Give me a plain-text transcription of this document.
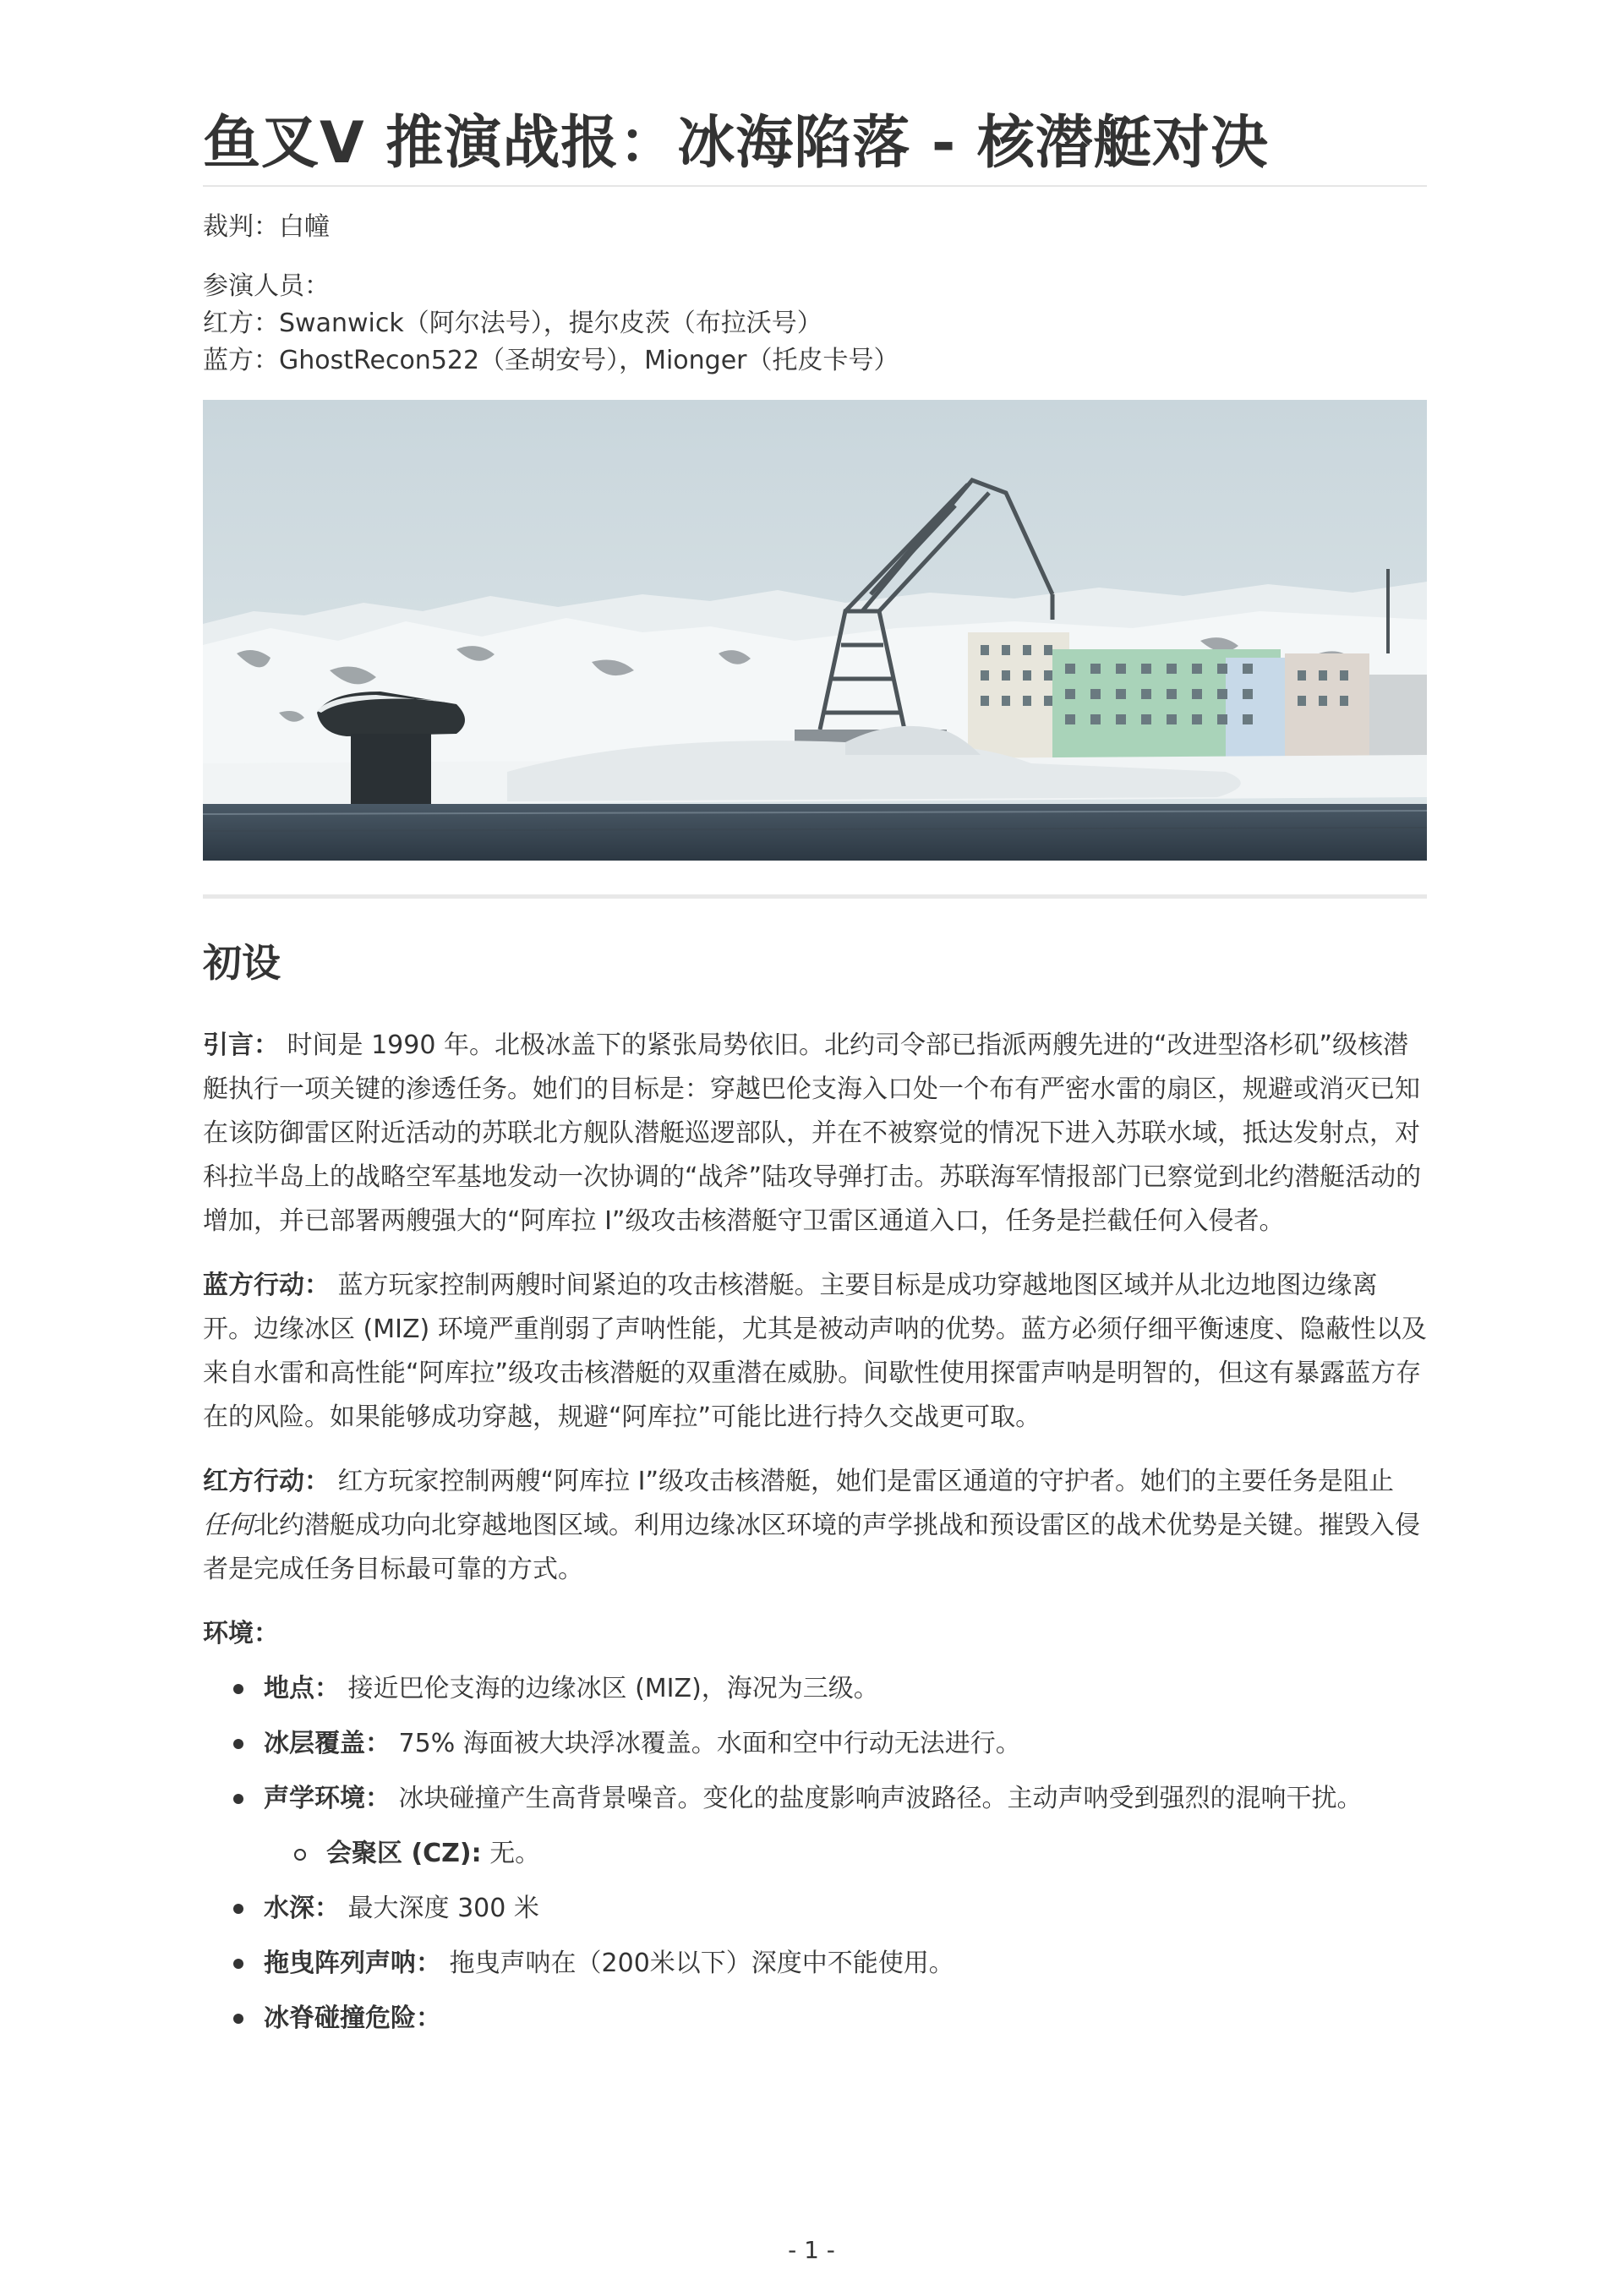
鱼叉V 推演战报：冰海陷落 - 核潜艇对决

裁判：白幢

参演人员：

红方：Swanwick（阿尔法号），提尔皮茨（布拉沃号）

蓝方：GhostRecon522（圣胡安号），Mionger（托皮卡号）

初设

引言： 时间是 1990 年。北极冰盖下的紧张局势依旧。北约司令部已指派两艘先进的“改进型洛杉矶”级核潜艇执行一项关键的渗透任务。她们的目标是：穿越巴伦支海入口处一个布有严密水雷的扇区，规避或消灭已知在该防御雷区附近活动的苏联北方舰队潜艇巡逻部队，并在不被察觉的情况下进入苏联水域，抵达发射点，对科拉半岛上的战略空军基地发动一次协调的“战斧”陆攻导弹打击。苏联海军情报部门已察觉到北约潜艇活动的增加，并已部署两艘强大的“阿库拉 I”级攻击核潜艇守卫雷区通道入口，任务是拦截任何入侵者。

蓝方行动： 蓝方玩家控制两艘时间紧迫的攻击核潜艇。主要目标是成功穿越地图区域并从北边地图边缘离开。边缘冰区 (MIZ) 环境严重削弱了声呐性能，尤其是被动声呐的优势。蓝方必须仔细平衡速度、隐蔽性以及来自水雷和高性能“阿库拉”级攻击核潜艇的双重潜在威胁。间歇性使用探雷声呐是明智的，但这有暴露蓝方存在的风险。如果能够成功穿越，规避“阿库拉”可能比进行持久交战更可取。

红方行动： 红方玩家控制两艘“阿库拉 I”级攻击核潜艇，她们是雷区通道的守护者。她们的主要任务是阻止 任何北约潜艇成功向北穿越地图区域。利用边缘冰区环境的声学挑战和预设雷区的战术优势是关键。摧毁入侵者是完成任务目标最可靠的方式。

环境：
地点： 接近巴伦支海的边缘冰区 (MIZ)，海况为三级。
冰层覆盖： 75% 海面被大块浮冰覆盖。水面和空中行动无法进行。
声学环境： 冰块碰撞产生高背景噪音。变化的盐度影响声波路径。主动声呐受到强烈的混响干扰。
会聚区 (CZ): 无。
水深： 最大深度 300 米
拖曳阵列声呐： 拖曳声呐在（200米以下）深度中不能使用。
冰脊碰撞危险：
- 1 -
